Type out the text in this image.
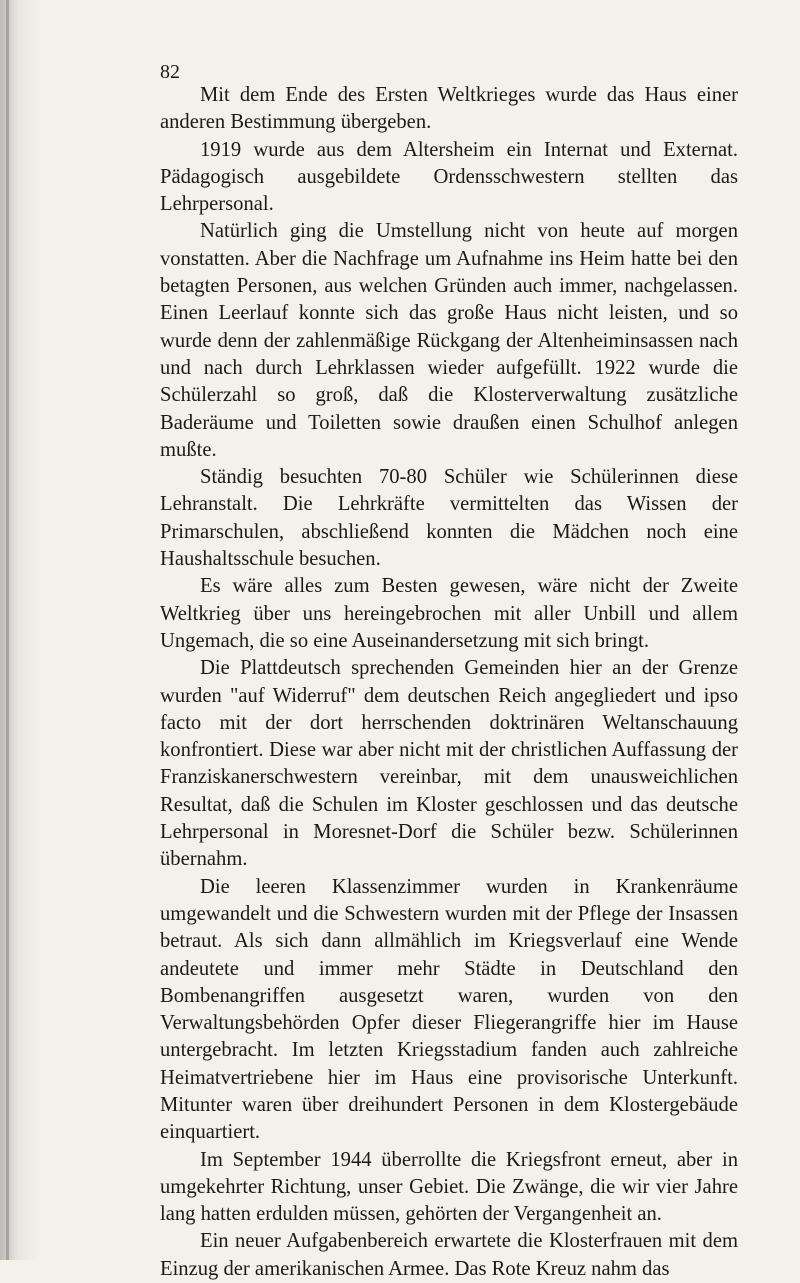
82

Mit dem Ende des Ersten Weltkrieges wurde das Haus einer anderen Bestimmung übergeben.

1919 wurde aus dem Altersheim ein Internat und Externat. Pädagogisch ausgebildete Ordensschwestern stellten das Lehrpersonal.

Natürlich ging die Umstellung nicht von heute auf morgen vonstatten. Aber die Nachfrage um Aufnahme ins Heim hatte bei den betagten Personen, aus welchen Gründen auch immer, nachgelassen. Einen Leerlauf konnte sich das große Haus nicht leisten, und so wurde denn der zahlenmäßige Rückgang der Altenheiminsassen nach und nach durch Lehrklassen wieder aufgefüllt. 1922 wurde die Schülerzahl so groß, daß die Klosterverwaltung zusätzliche Baderäume und Toiletten sowie draußen einen Schulhof anlegen mußte.

Ständig besuchten 70-80 Schüler wie Schülerinnen diese Lehranstalt. Die Lehrkräfte vermittelten das Wissen der Primarschulen, abschließend konnten die Mädchen noch eine Haushaltsschule besuchen.

Es wäre alles zum Besten gewesen, wäre nicht der Zweite Weltkrieg über uns hereingebrochen mit aller Unbill und allem Ungemach, die so eine Auseinandersetzung mit sich bringt.

Die Plattdeutsch sprechenden Gemeinden hier an der Grenze wurden "auf Widerruf" dem deutschen Reich angegliedert und ipso facto mit der dort herrschenden doktrinären Weltanschauung konfrontiert. Diese war aber nicht mit der christlichen Auffassung der Franziskanerschwestern vereinbar, mit dem unausweichlichen Resultat, daß die Schulen im Kloster geschlossen und das deutsche Lehrpersonal in Moresnet-Dorf die Schüler bezw. Schülerinnen übernahm.

Die leeren Klassenzimmer wurden in Krankenräume umgewandelt und die Schwestern wurden mit der Pflege der Insassen betraut. Als sich dann allmählich im Kriegsverlauf eine Wende andeutete und immer mehr Städte in Deutschland den Bombenangriffen ausgesetzt waren, wurden von den Verwaltungsbehörden Opfer dieser Fliegerangriffe hier im Hause untergebracht. Im letzten Kriegsstadium fanden auch zahlreiche Heimatvertriebene hier im Haus eine provisorische Unterkunft. Mitunter waren über dreihundert Personen in dem Klostergebäude einquartiert.

Im September 1944 überrollte die Kriegsfront erneut, aber in umgekehrter Richtung, unser Gebiet. Die Zwänge, die wir vier Jahre lang hatten erdulden müssen, gehörten der Vergangenheit an.

Ein neuer Aufgabenbereich erwartete die Klosterfrauen mit dem Einzug der amerikanischen Armee. Das Rote Kreuz nahm das
